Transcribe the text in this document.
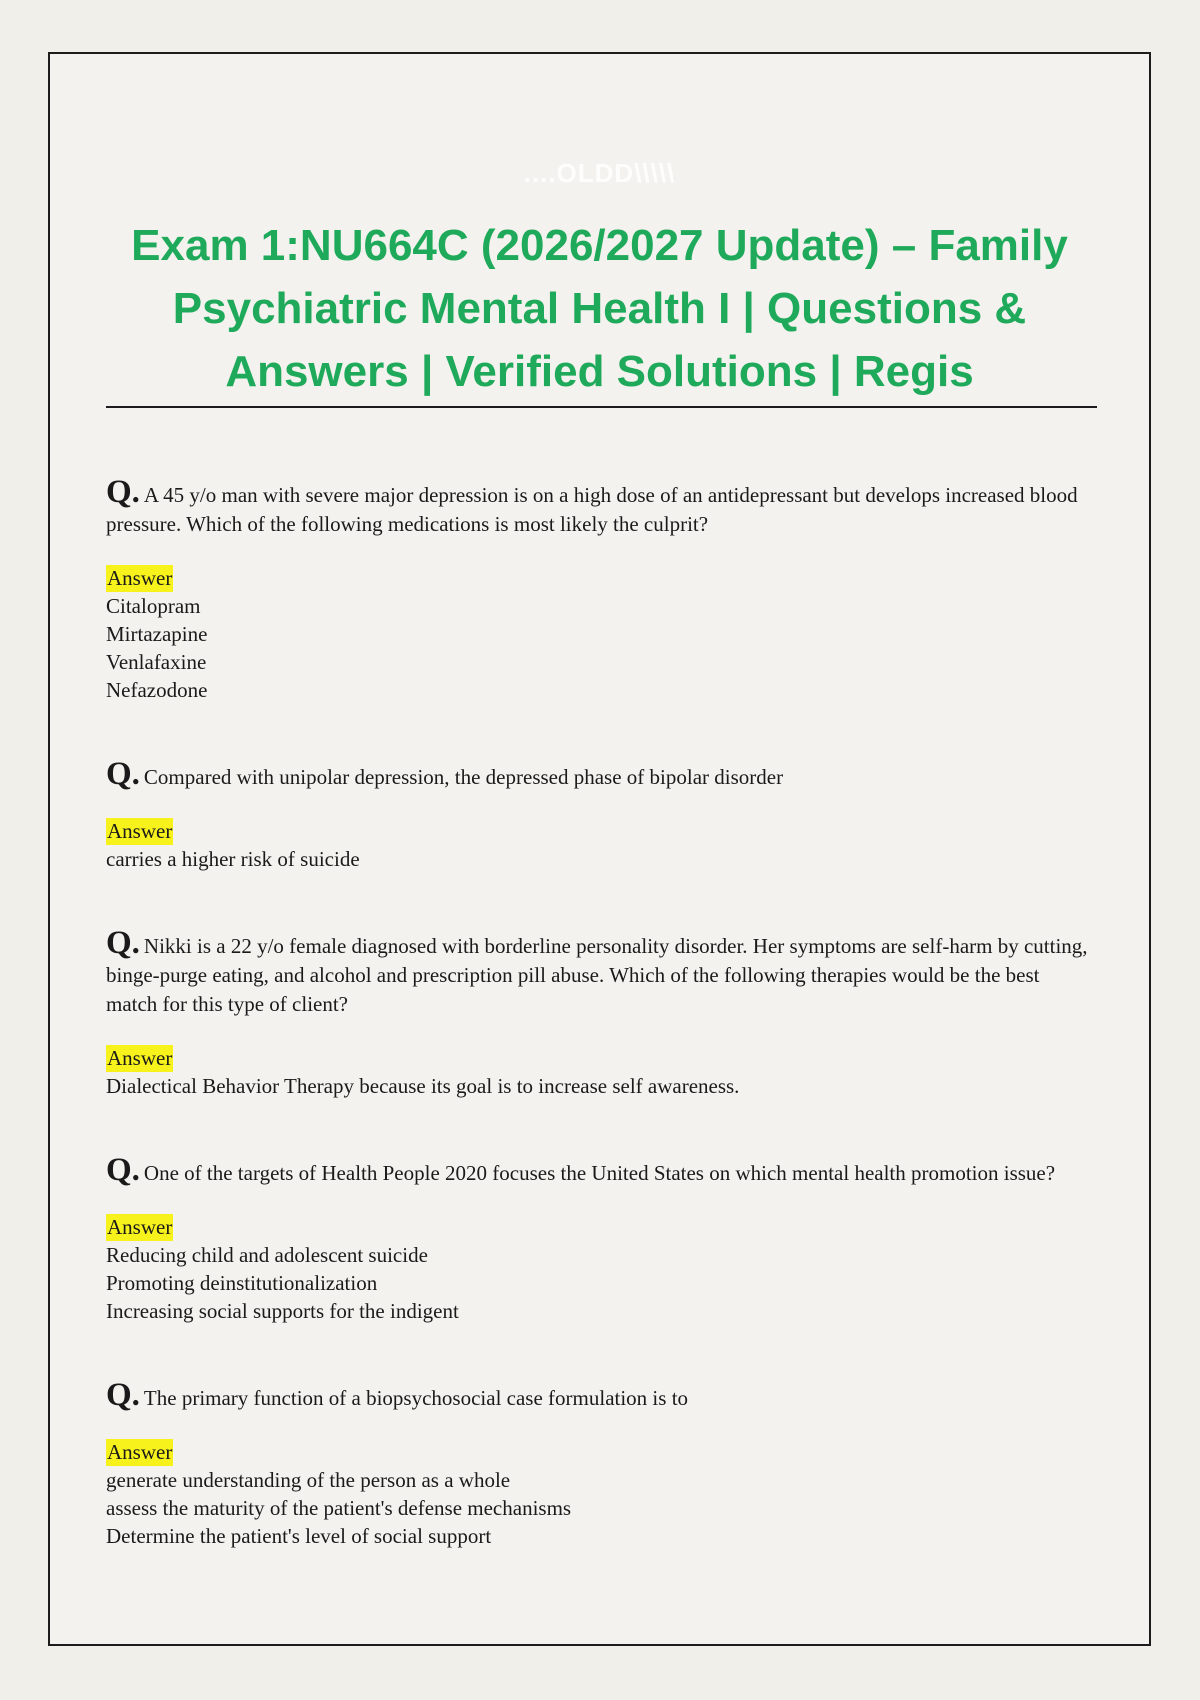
....OLDD\\\\\
Exam 1:NU664C (2026/2027 Update) – Family Psychiatric Mental Health I | Questions & Answers | Verified Solutions | Regis
Q. A 45 y/o man with severe major depression is on a high dose of an antidepressant but develops increased blood pressure. Which of the following medications is most likely the culprit?
Answer
Citalopram
Mirtazapine
Venlafaxine
Nefazodone
Q. Compared with unipolar depression, the depressed phase of bipolar disorder
Answer
carries a higher risk of suicide
Q. Nikki is a 22 y/o female diagnosed with borderline personality disorder. Her symptoms are self-harm by cutting, binge-purge eating, and alcohol and prescription pill abuse. Which of the following therapies would be the best match for this type of client?
Answer
Dialectical Behavior Therapy because its goal is to increase self awareness.
Q. One of the targets of Health People 2020 focuses the United States on which mental health promotion issue?
Answer
Reducing child and adolescent suicide
Promoting deinstitutionalization
Increasing social supports for the indigent
Q. The primary function of a biopsychosocial case formulation is to
Answer
generate understanding of the person as a whole
assess the maturity of the patient's defense mechanisms
Determine the patient's level of social support
